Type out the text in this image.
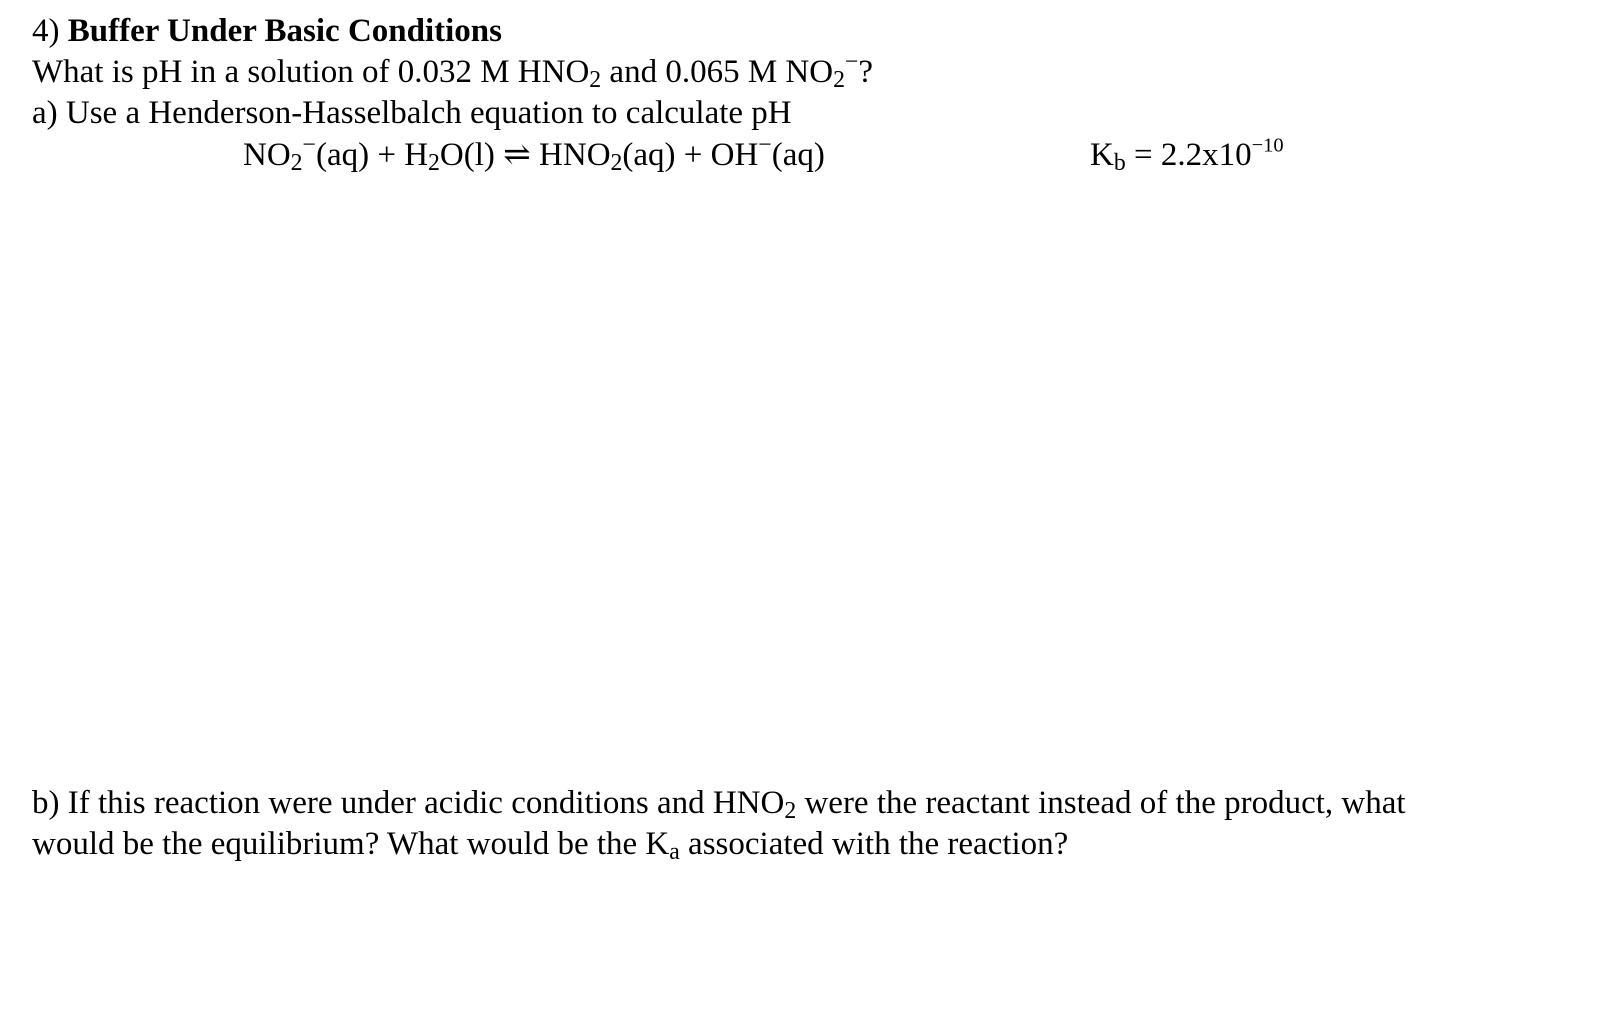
4) Buffer Under Basic Conditions
What is pH in a solution of 0.032 M $HNO_2$ and 0.065 M $NO_2^-$?
a) Use a Henderson-Hasselbalch equation to calculate pH
$NO_2^-(aq) + H_2O(l)$ ⇌ $HNO_2(aq) + OH^-(aq)$	$K_b = 2.2x10^{-10}$
b) If this reaction were under acidic conditions and $HNO_2$ were the reactant instead of the product, what
would be the equilibrium? What would be the $K_a$ associated with the reaction?
